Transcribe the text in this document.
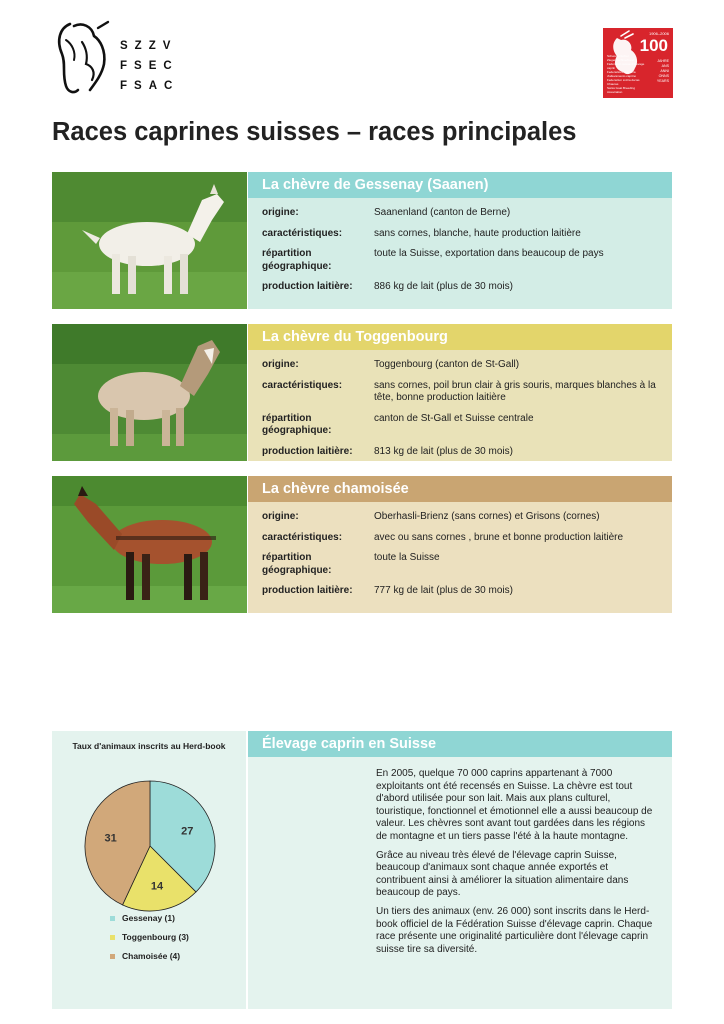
SZZV
FSEC
FSAC
1906–2006
100
JAHRE
ANS
ANNI
ONNS
YEARS
Schweizerischer Ziegenzuchtverband
Fédération suisse d'élevage caprin
Federazione svizzera d'allevamento caprino
Federaziun svizra da las Chauras
Swiss Goat Breeding Association
Races caprines suisses – races principales
La chèvre de Gessenay (Saanen)
origine:	Saanenland (canton de Berne)
caractéristiques:	sans cornes, blanche, haute production laitière
répartition géographique:
toute la Suisse, exportation dans beaucoup de pays
production laitière:	886 kg de lait (plus de 30 mois)
La chèvre du Toggenbourg
origine:	Toggenbourg (canton de St-Gall)
caractéristiques:	sans cornes, poil brun clair à gris souris, marques blanches à la tête, bonne production laitière
répartition géographique:
canton de St-Gall et Suisse centrale
production laitière:	813 kg de lait (plus de 30 mois)
La chèvre chamoisée
origine:	Oberhasli-Brienz (sans cornes) et Grisons (cornes)
caractéristiques:	avec ou sans cornes , brune et bonne production laitière
répartition géographique:
toute la Suisse
production laitière:	777 kg de lait (plus de 30 mois)
Taux d'animaux inscrits au Herd-book
27
14
31
Gessenay (1)
Toggenbourg (3)
Chamoisée (4)
Élevage caprin en Suisse

En 2005, quelque 70 000 caprins appartenant à 7000 exploitants ont été recensés en Suisse. La chèvre est tout d'abord utilisée pour son lait. Mais aux plans culturel, touristique, fonctionnel et émotionnel elle a aussi beaucoup de valeur. Les chèvres sont avant tout gardées dans les régions de montagne et un tiers passe l'été à la haute montagne.

Grâce au niveau très élevé de l'élevage caprin Suisse, beaucoup d'animaux sont chaque année exportés et contribuent ainsi à améliorer la situation alimentaire dans beaucoup de pays.

Un tiers des animaux (env. 26 000) sont inscrits dans le Herd-book officiel de la Fédération Suisse d'élevage caprin. Chaque race présente une originalité particulière dont l'élevage caprin suisse tire sa diversité.
